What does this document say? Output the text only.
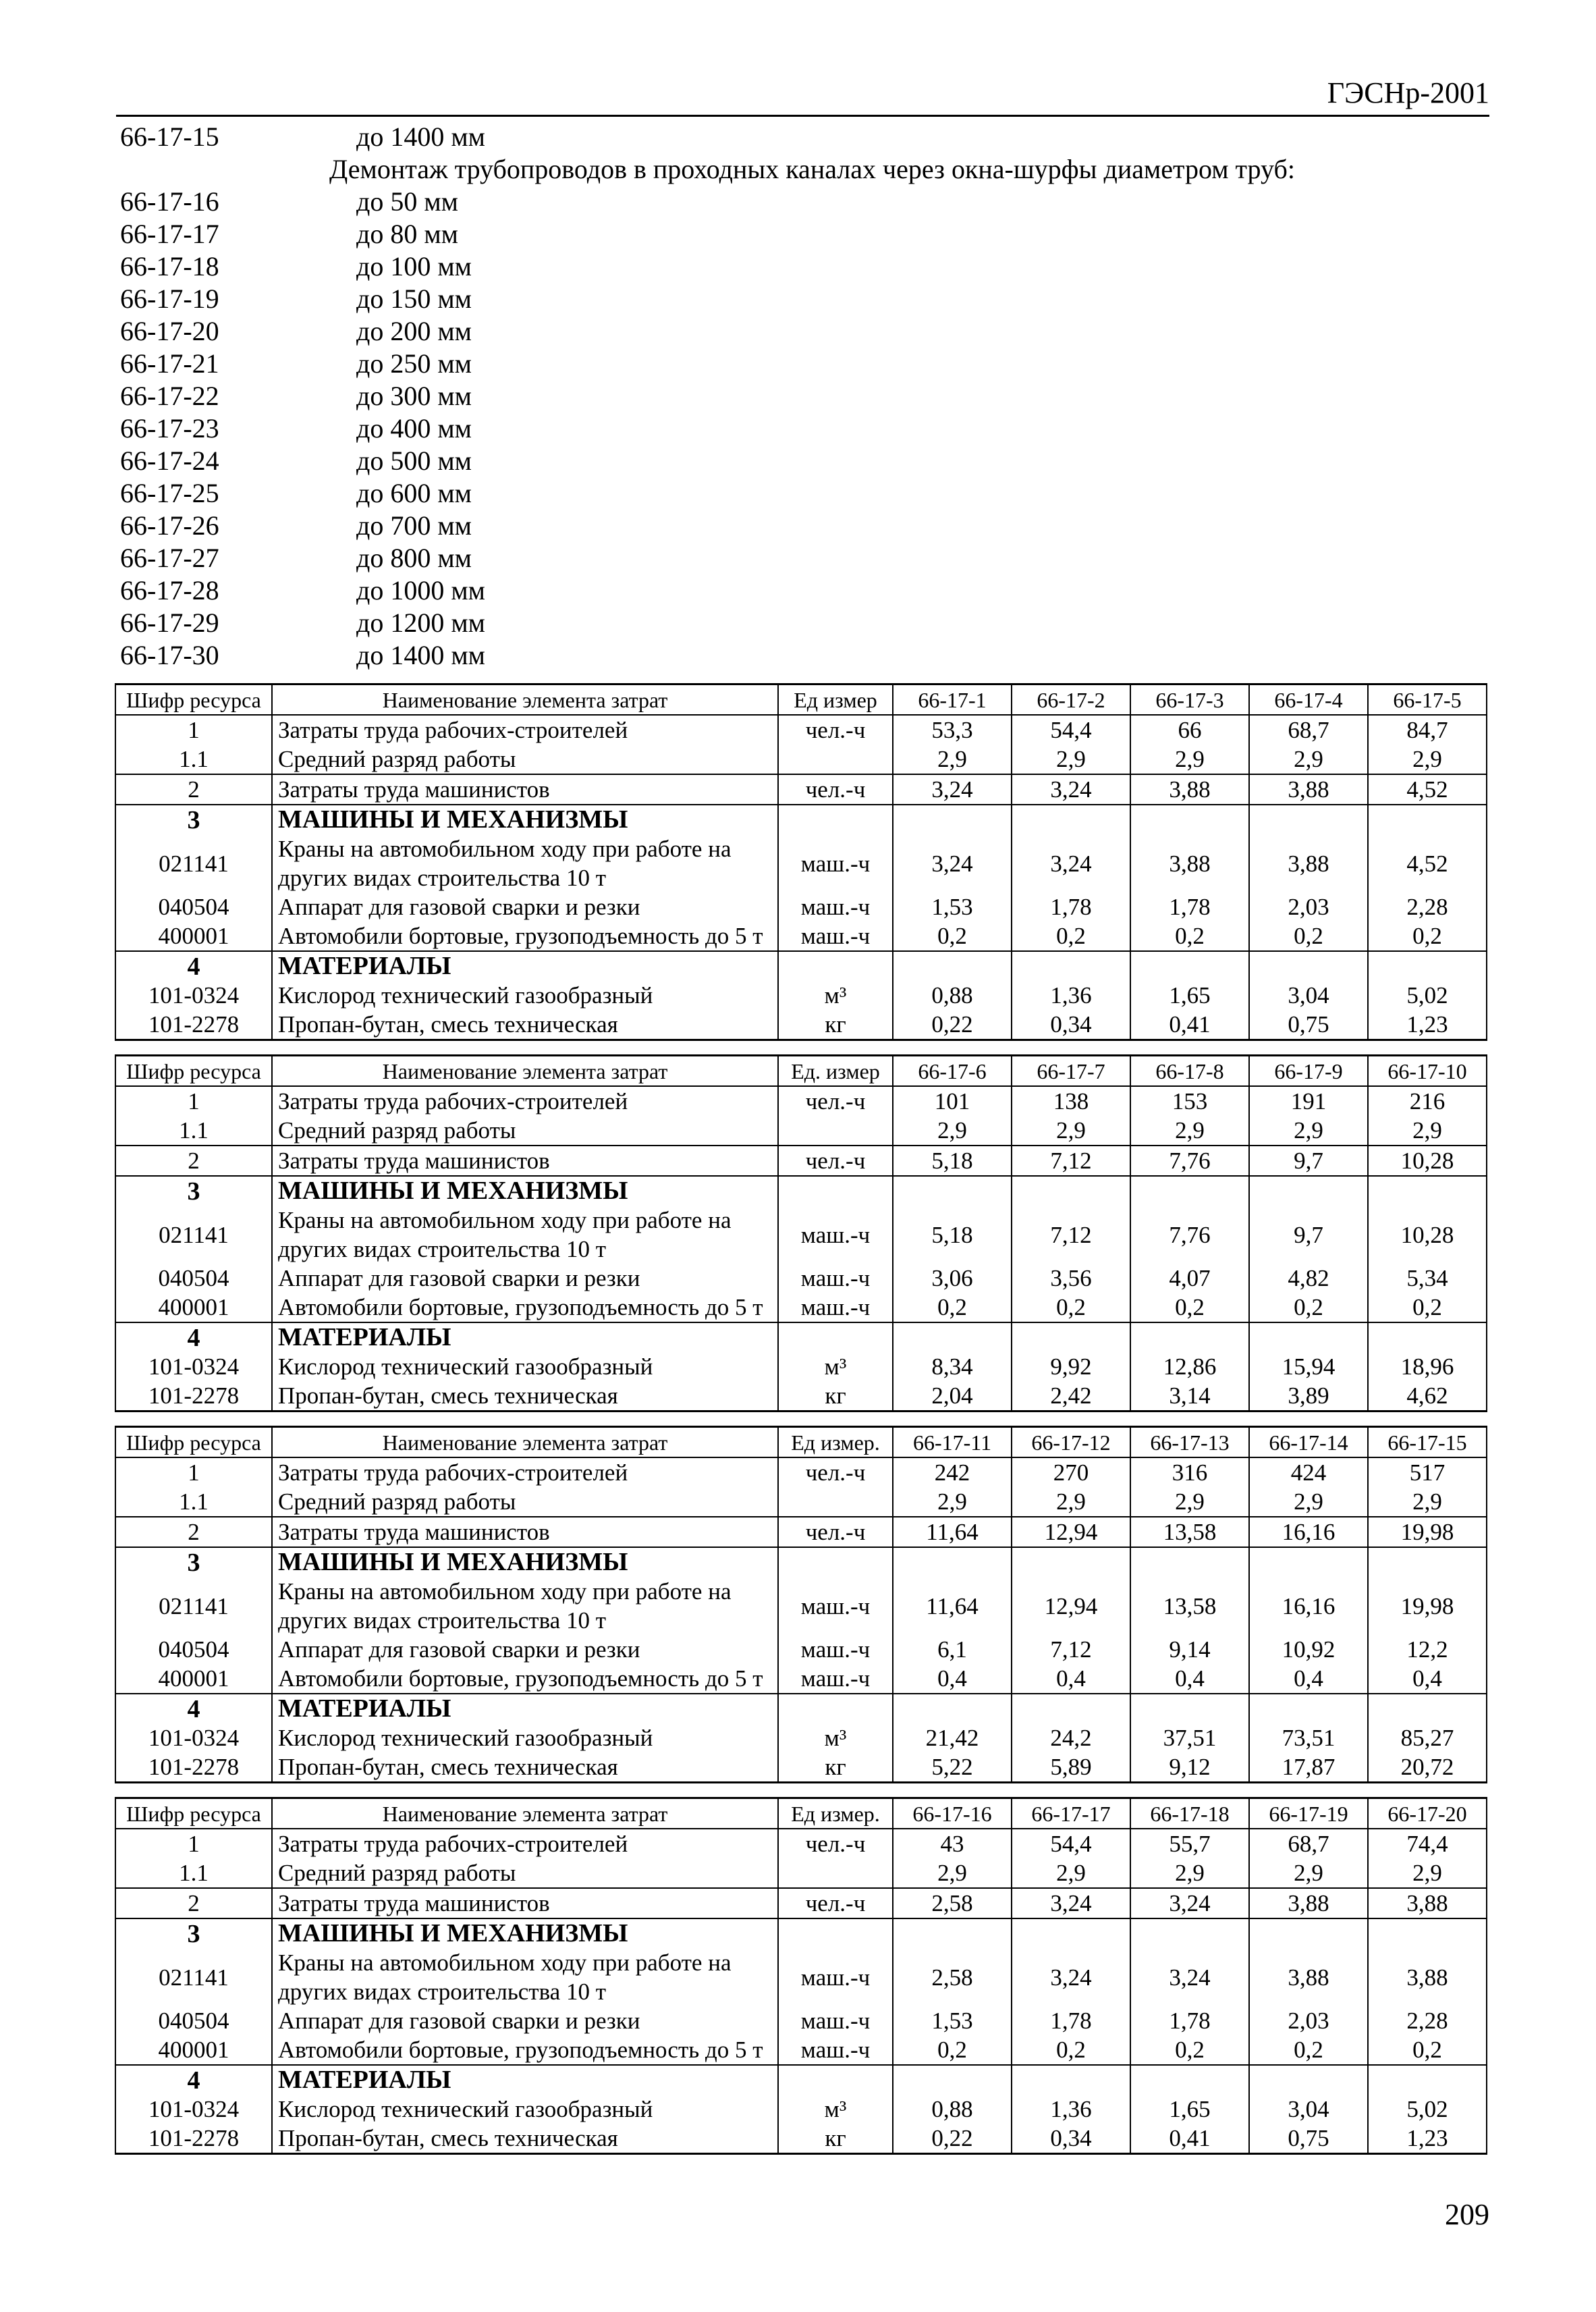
ГЭСНр-2001
66-17-15	до 1400 мм
Демонтаж трубопроводов в проходных каналах через окна-шурфы диаметром труб:
66-17-16	до 50 мм
66-17-17	до 80 мм
66-17-18	до 100 мм
66-17-19	до 150 мм
66-17-20	до 200 мм
66-17-21	до 250 мм
66-17-22	до 300 мм
66-17-23	до 400 мм
66-17-24	до 500 мм
66-17-25	до 600 мм
66-17-26	до 700 мм
66-17-27	до 800 мм
66-17-28	до 1000 мм
66-17-29	до 1200 мм
66-17-30	до 1400 мм
Шифр ресурса	Наименование элемента затрат	Ед измер	66-17-1	66-17-2	66-17-3	66-17-4	66-17-5
1	Затраты труда рабочих-строителей	чел.-ч	53,3	54,4	66	68,7	84,7
1.1	Средний разряд работы		2,9	2,9	2,9	2,9	2,9
2	Затраты труда машинистов	чел.-ч	3,24	3,24	3,88	3,88	4,52
3	МАШИНЫ И МЕХАНИЗМЫ						
021141	Краны на автомобильном ходу при работе на других видах строительства 10 т	маш.-ч	3,24	3,24	3,88	3,88	4,52
040504	Аппарат для газовой сварки и резки	маш.-ч	1,53	1,78	1,78	2,03	2,28
400001	Автомобили бортовые, грузоподъемность до 5 т	маш.-ч	0,2	0,2	0,2	0,2	0,2
4	МАТЕРИАЛЫ						
101-0324	Кислород технический газообразный	м³	0,88	1,36	1,65	3,04	5,02
101-2278	Пропан-бутан, смесь техническая	кг	0,22	0,34	0,41	0,75	1,23
Шифр ресурса	Наименование элемента затрат	Ед. измер	66-17-6	66-17-7	66-17-8	66-17-9	66-17-10
1	Затраты труда рабочих-строителей	чел.-ч	101	138	153	191	216
1.1	Средний разряд работы		2,9	2,9	2,9	2,9	2,9
2	Затраты труда машинистов	чел.-ч	5,18	7,12	7,76	9,7	10,28
3	МАШИНЫ И МЕХАНИЗМЫ						
021141	Краны на автомобильном ходу при работе на других видах строительства 10 т	маш.-ч	5,18	7,12	7,76	9,7	10,28
040504	Аппарат для газовой сварки и резки	маш.-ч	3,06	3,56	4,07	4,82	5,34
400001	Автомобили бортовые, грузоподъемность до 5 т	маш.-ч	0,2	0,2	0,2	0,2	0,2
4	МАТЕРИАЛЫ						
101-0324	Кислород технический газообразный	м³	8,34	9,92	12,86	15,94	18,96
101-2278	Пропан-бутан, смесь техническая	кг	2,04	2,42	3,14	3,89	4,62
Шифр ресурса	Наименование элемента затрат	Ед измер.	66-17-11	66-17-12	66-17-13	66-17-14	66-17-15
1	Затраты труда рабочих-строителей	чел.-ч	242	270	316	424	517
1.1	Средний разряд работы		2,9	2,9	2,9	2,9	2,9
2	Затраты труда машинистов	чел.-ч	11,64	12,94	13,58	16,16	19,98
3	МАШИНЫ И МЕХАНИЗМЫ						
021141	Краны на автомобильном ходу при работе на других видах строительства 10 т	маш.-ч	11,64	12,94	13,58	16,16	19,98
040504	Аппарат для газовой сварки и резки	маш.-ч	6,1	7,12	9,14	10,92	12,2
400001	Автомобили бортовые, грузоподъемность до 5 т	маш.-ч	0,4	0,4	0,4	0,4	0,4
4	МАТЕРИАЛЫ						
101-0324	Кислород технический газообразный	м³	21,42	24,2	37,51	73,51	85,27
101-2278	Пропан-бутан, смесь техническая	кг	5,22	5,89	9,12	17,87	20,72
Шифр ресурса	Наименование элемента затрат	Ед измер.	66-17-16	66-17-17	66-17-18	66-17-19	66-17-20
1	Затраты труда рабочих-строителей	чел.-ч	43	54,4	55,7	68,7	74,4
1.1	Средний разряд работы		2,9	2,9	2,9	2,9	2,9
2	Затраты труда машинистов	чел.-ч	2,58	3,24	3,24	3,88	3,88
3	МАШИНЫ И МЕХАНИЗМЫ						
021141	Краны на автомобильном ходу при работе на других видах строительства 10 т	маш.-ч	2,58	3,24	3,24	3,88	3,88
040504	Аппарат для газовой сварки и резки	маш.-ч	1,53	1,78	1,78	2,03	2,28
400001	Автомобили бортовые, грузоподъемность до 5 т	маш.-ч	0,2	0,2	0,2	0,2	0,2
4	МАТЕРИАЛЫ						
101-0324	Кислород технический газообразный	м³	0,88	1,36	1,65	3,04	5,02
101-2278	Пропан-бутан, смесь техническая	кг	0,22	0,34	0,41	0,75	1,23
209
